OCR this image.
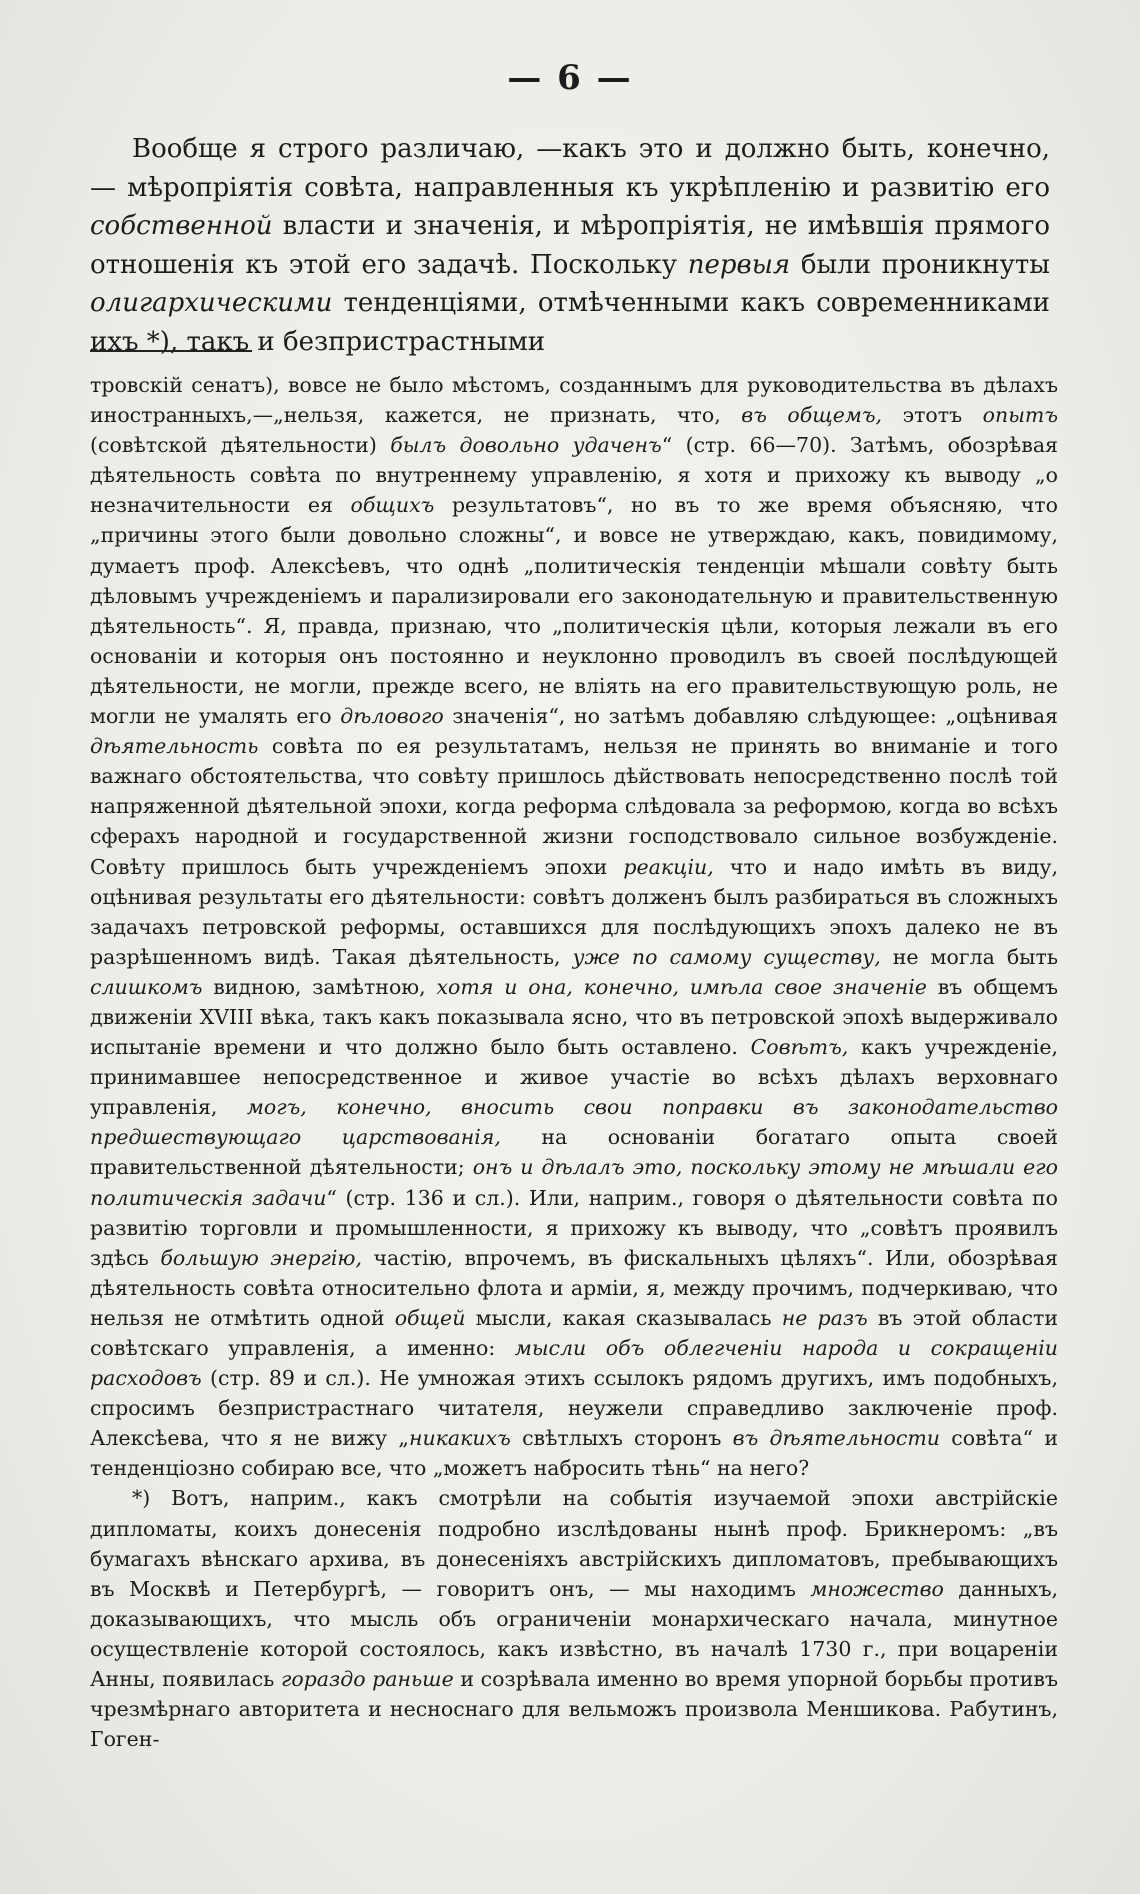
— 6 —

Вообще я строго различаю, —какъ это и должно быть, конечно, — мѣропріятія совѣта, направленныя къ укрѣпленію и развитію его собственной власти и значенія, и мѣропріятія, не имѣвшія прямого отношенія къ этой его задачѣ. Поскольку первыя были проникнуты олигархическими тенденціями, отмѣченными какъ современниками ихъ *), такъ и безпристрастными

тровскій сенатъ), вовсе не было мѣстомъ, созданнымъ для руководительства въ дѣлахъ иностранныхъ,—„нельзя, кажется, не признать, что, въ общемъ, этотъ опытъ (совѣтской дѣятельности) былъ довольно удаченъ“ (стр. 66—70). Затѣмъ, обозрѣвая дѣятельность совѣта по внутреннему управленію, я хотя и прихожу къ выводу „о незначительности ея общихъ результатовъ“, но въ то же время объясняю, что „причины этого были довольно сложны“, и вовсе не утверждаю, какъ, повидимому, думаетъ проф. Алексѣевъ, что однѣ „политическія тенденціи мѣшали совѣту быть дѣловымъ учрежденіемъ и парализировали его законодательную и правительственную дѣятельность“. Я, правда, признаю, что „политическія цѣли, которыя лежали въ его основаніи и которыя онъ постоянно и неуклонно проводилъ въ своей послѣдующей дѣятельности, не могли, прежде всего, не вліять на его правительствующую роль, не могли не умалять его дѣлового значенія“, но затѣмъ добавляю слѣдующее: „оцѣнивая дѣятельность совѣта по ея результатамъ, нельзя не принять во вниманіе и того важнаго обстоятельства, что совѣту пришлось дѣйствовать непосредственно послѣ той напряженной дѣятельной эпохи, когда реформа слѣдовала за реформою, когда во всѣхъ сферахъ народной и государственной жизни господствовало сильное возбужденіе. Совѣту пришлось быть учрежденіемъ эпохи реакціи, что и надо имѣть въ виду, оцѣнивая результаты его дѣятельности: совѣтъ долженъ былъ разбираться въ сложныхъ задачахъ петровской реформы, оставшихся для послѣдующихъ эпохъ далеко не въ разрѣшенномъ видѣ. Такая дѣятельность, уже по самому существу, не могла быть слишкомъ видною, замѣтною, хотя и она, конечно, имѣла свое значеніе въ общемъ движеніи XVIII вѣка, такъ какъ показывала ясно, что въ петровской эпохѣ выдерживало испытаніе времени и что должно было быть оставлено. Совѣтъ, какъ учрежденіе, принимавшее непосредственное и живое участіе во всѣхъ дѣлахъ верховнаго управленія, могъ, конечно, вносить свои поправки въ законодательство предшествующаго царствованія, на основаніи богатаго опыта своей правительственной дѣятельности; онъ и дѣлалъ это, поскольку этому не мѣшали его политическія задачи“ (стр. 136 и сл.). Или, наприм., говоря о дѣятельности совѣта по развитію торговли и промышленности, я прихожу къ выводу, что „совѣтъ проявилъ здѣсь большую энергію, частію, впрочемъ, въ фискальныхъ цѣляхъ“. Или, обозрѣвая дѣятельность совѣта относительно флота и арміи, я, между прочимъ, подчеркиваю, что нельзя не отмѣтить одной общей мысли, какая сказывалась не разъ въ этой области совѣтскаго управленія, а именно: мысли объ облегченіи народа и сокращеніи расходовъ (стр. 89 и сл.). Не умножая этихъ ссылокъ рядомъ другихъ, имъ подобныхъ, спросимъ безпристрастнаго читателя, неужели справедливо заключеніе проф. Алексѣева, что я не вижу „никакихъ свѣтлыхъ сторонъ въ дѣятельности совѣта“ и тенденціозно собираю все, что „можетъ набросить тѣнь“ на него?

*) Вотъ, наприм., какъ смотрѣли на событія изучаемой эпохи австрійскіе дипломаты, коихъ донесенія подробно изслѣдованы нынѣ проф. Брикнеромъ: „въ бумагахъ вѣнскаго архива, въ донесеніяхъ австрійскихъ дипломатовъ, пребывающихъ въ Москвѣ и Петербургѣ, — говоритъ онъ, — мы находимъ множество данныхъ, доказывающихъ, что мысль объ ограниченіи монархическаго начала, минутное осуществленіе которой состоялось, какъ извѣстно, въ началѣ 1730 г., при воцареніи Анны, появилась гораздо раньше и созрѣвала именно во время упорной борьбы противъ чрезмѣрнаго авторитета и несноснаго для вельможъ произвола Меншикова. Рабутинъ, Гоген-
